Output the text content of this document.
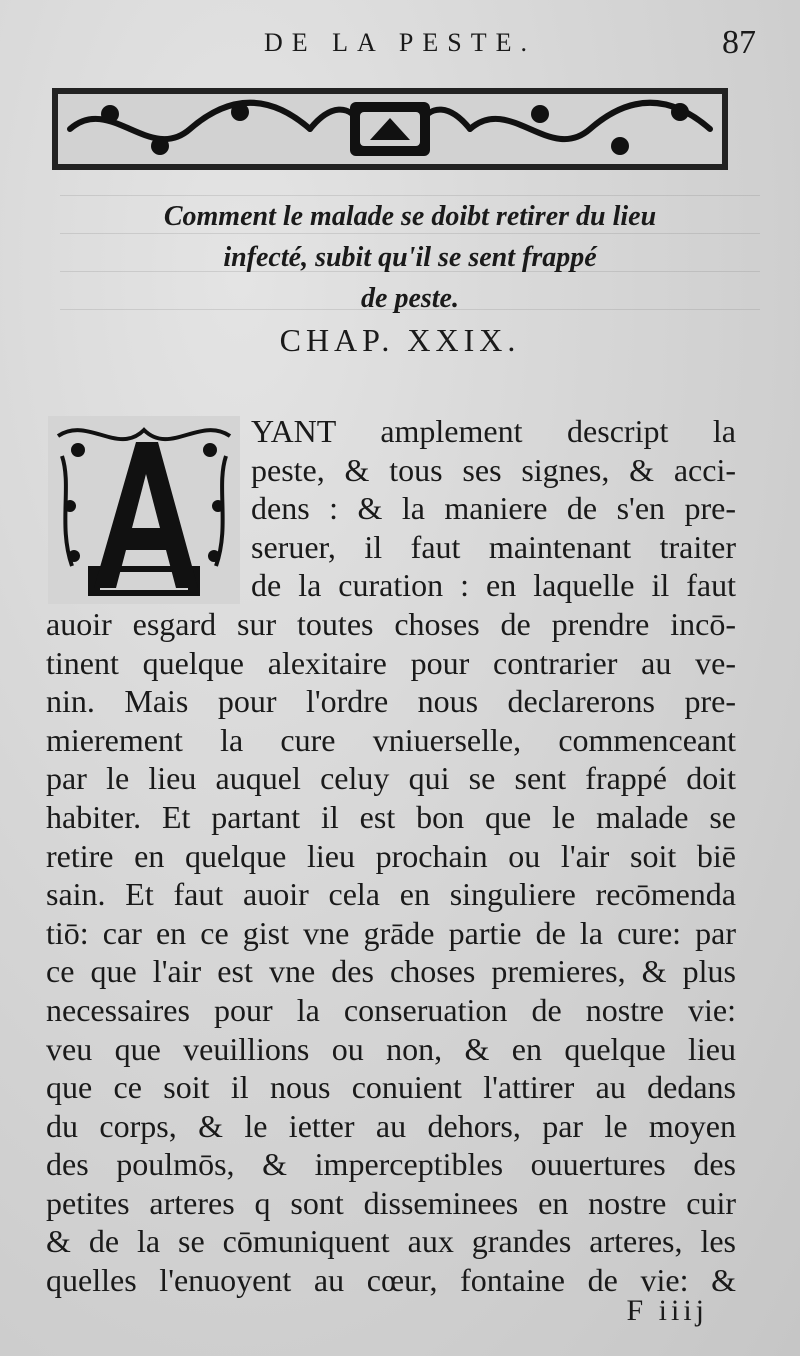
DE LA PESTE.	87
Comment le malade se doibt retirer du lieu
infecté, subit qu'il se sent frappé
de peste.
CHAP. XXIX.
YANT amplement descript la
peste, & tous ses signes, & acci-
dens : & la maniere de s'en pre-
seruer, il faut maintenant traiter
de la curation : en laquelle il faut
auoir esgard sur toutes choses de prendre incō-
tinent quelque alexitaire pour contrarier au ve-
nin. Mais pour l'ordre nous declarerons pre-
mierement la cure vniuerselle, commenceant
par le lieu auquel celuy qui se sent frappé doit
habiter. Et partant il est bon que le malade se
retire en quelque lieu prochain ou l'air soit biē
sain. Et faut auoir cela en singuliere recōmenda
tiō: car en ce gist vne grāde partie de la cure: par
ce que l'air est vne des choses premieres, & plus
necessaires pour la conseruation de nostre vie:
veu que veuillions ou non, & en quelque lieu
que ce soit il nous conuient l'attirer au dedans
du corps, & le ietter au dehors, par le moyen
des poulmōs, & imperceptibles ouuertures des
petites arteres q sont disseminees en nostre cuir
& de la se cōmuniquent aux grandes arteres, les
quelles l'enuoyent au cœur, fontaine de vie: &
F iiij
